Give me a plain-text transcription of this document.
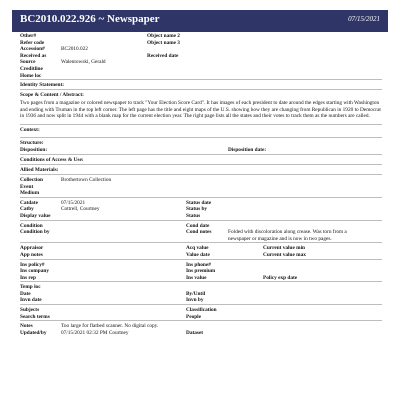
BC2010.022.926 ~ Newspaper	07/15/2021
Other#	Object name 2
Refer code	Object name 3
Accession#	BC2010.022
Received as	Received date
Source	Walentowski, Gerald
Creditline
Home loc
Identity Statement:
Scope & Content / Abstract:
Two pages from a magazine or colored newspaper to track "Your Election Score Card". It has images of each president to date around the edges starting with Washington and ending with Truman in the top left corner. The left page has the title and eight maps of the U.S. showing how they are changing from Republican in 1920 to Democrat in 1936 and now split in 1944 with a blank map for the current election year. The right page lists all the states and their votes to track them as the numbers are called.
Context:
Structure:
Disposition:	Disposition date:
Conditions of Access & Use:
Allied Materials:
Collection	Brothertown Collection
Event
Medium
Catdate	07/15/2021	Status date
Catby	Cottrell, Courtney	Status by
Display value	Status
Condition	Cond date
Condition by	Cond notes	Folded with discoloration along crease. Was torn from a
newspaper or magazine and is now in two pages.
Appraisor	Acq value	Current value min
App notes	Value date	Current value max
Ins policy#	Ins phone#
Ins company	Ins premium
Ins rep	Ins value	Policy exp date
Temp loc
Date	By/Until
Invn date	Invn by
Subjects	Classification
Search terms	People
Notes	Too large for flatbed scanner. No digital copy.
Updated/by	07/15/2021 02:32 PM Courtney	Dataset
